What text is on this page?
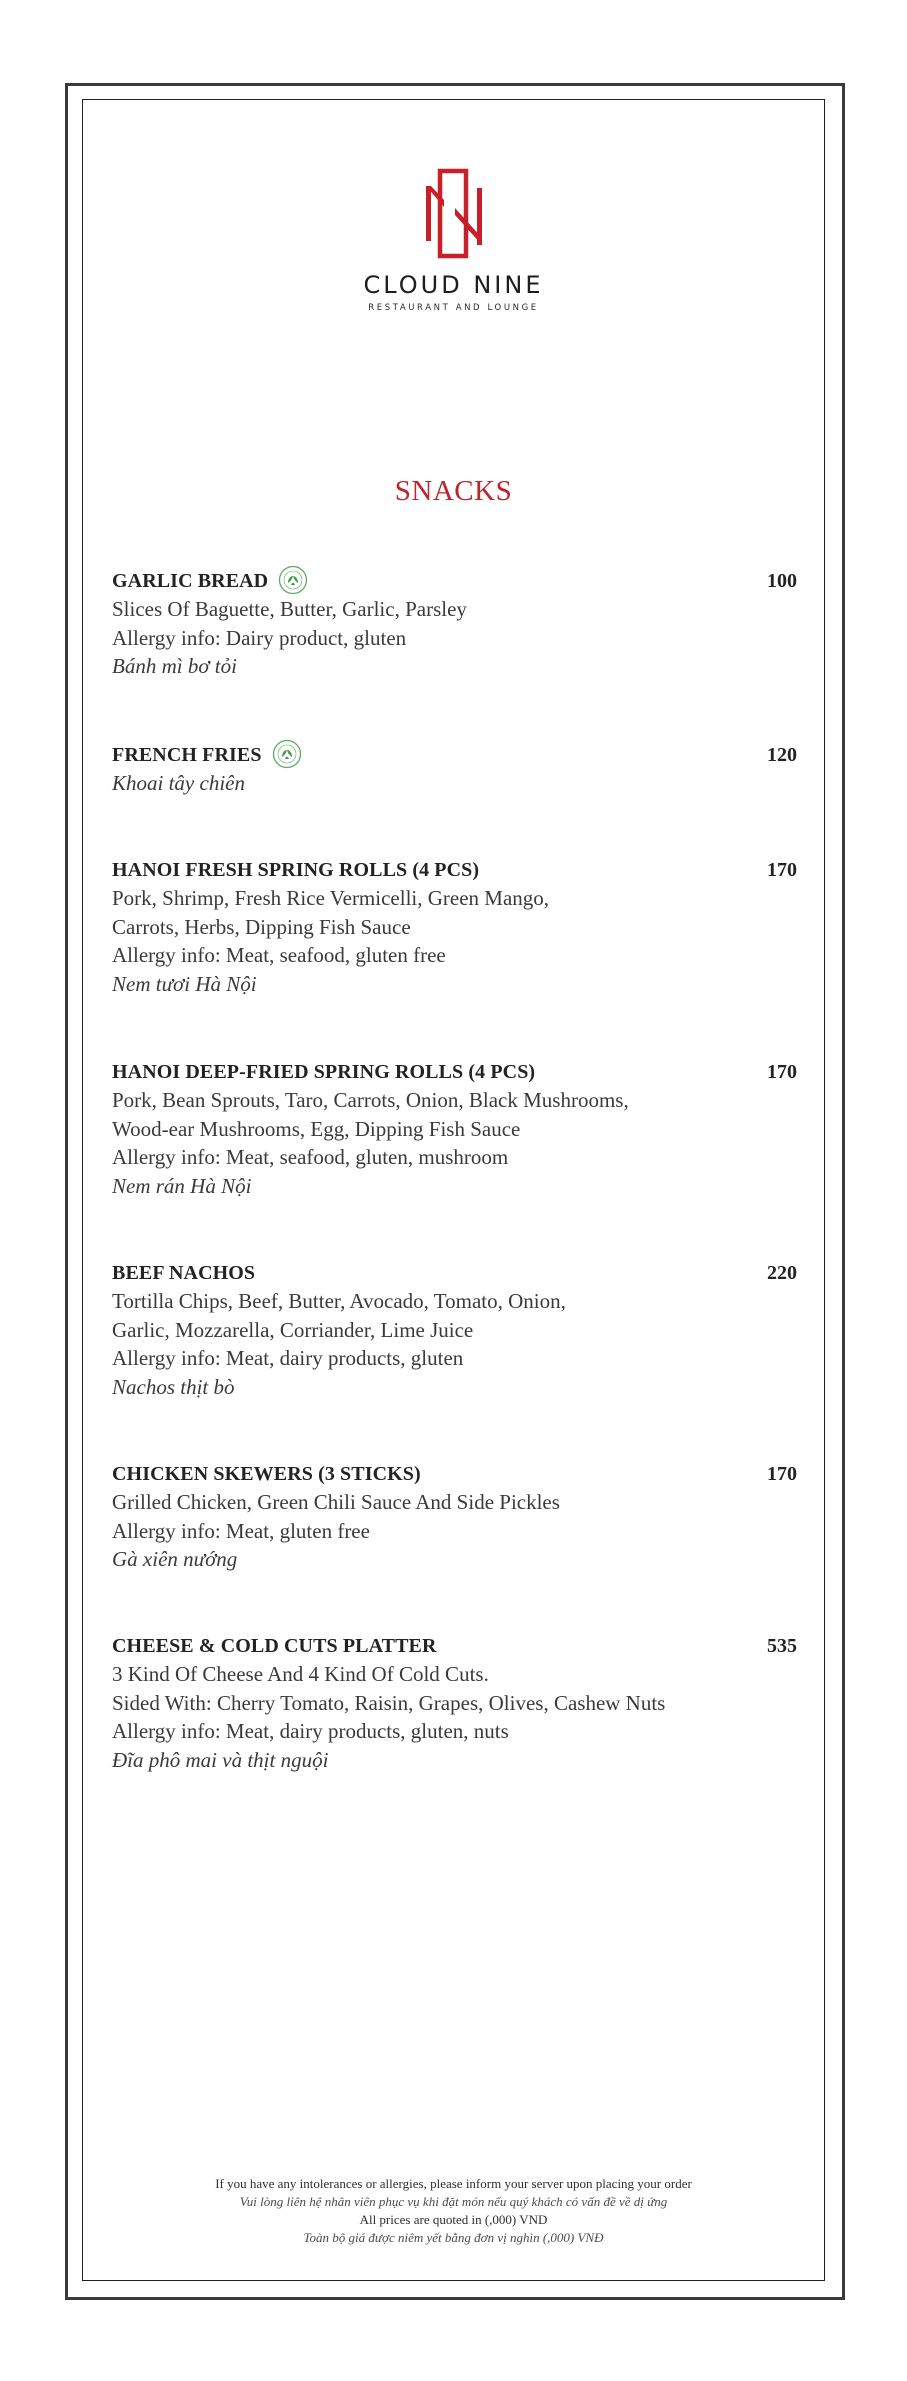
CLOUD NINE
RESTAURANT AND LOUNGE
SNACKS
GARLIC BREAD	100
Slices Of Baguette, Butter, Garlic, Parsley
Allergy info: Dairy product, gluten
Bánh mì bơ tỏi
FRENCH FRIES	120
Khoai tây chiên
HANOI FRESH SPRING ROLLS (4 PCS)	170
Pork, Shrimp, Fresh Rice Vermicelli, Green Mango,
Carrots, Herbs, Dipping Fish Sauce
Allergy info: Meat, seafood, gluten free
Nem tươi Hà Nội
HANOI DEEP-FRIED SPRING ROLLS (4 PCS)	170
Pork, Bean Sprouts, Taro, Carrots, Onion, Black Mushrooms,
Wood-ear Mushrooms, Egg, Dipping Fish Sauce
Allergy info: Meat, seafood, gluten, mushroom
Nem rán Hà Nội
BEEF NACHOS	220
Tortilla Chips, Beef, Butter, Avocado, Tomato, Onion,
Garlic, Mozzarella, Corriander, Lime Juice
Allergy info: Meat, dairy products, gluten
Nachos thịt bò
CHICKEN SKEWERS (3 STICKS)	170
Grilled Chicken, Green Chili Sauce And Side Pickles
Allergy info: Meat, gluten free
Gà xiên nướng
CHEESE & COLD CUTS PLATTER	535
3 Kind Of Cheese And 4 Kind Of Cold Cuts.
Sided With: Cherry Tomato, Raisin, Grapes, Olives, Cashew Nuts
Allergy info: Meat, dairy products, gluten, nuts
Đĩa phô mai và thịt nguội
If you have any intolerances or allergies, please inform your server upon placing your order
Vui lòng liên hệ nhân viên phục vụ khi đặt món nếu quý khách có vấn đề về dị ứng
All prices are quoted in (,000) VND
Toàn bộ giá được niêm yết bằng đơn vị nghìn (,000) VNĐ
